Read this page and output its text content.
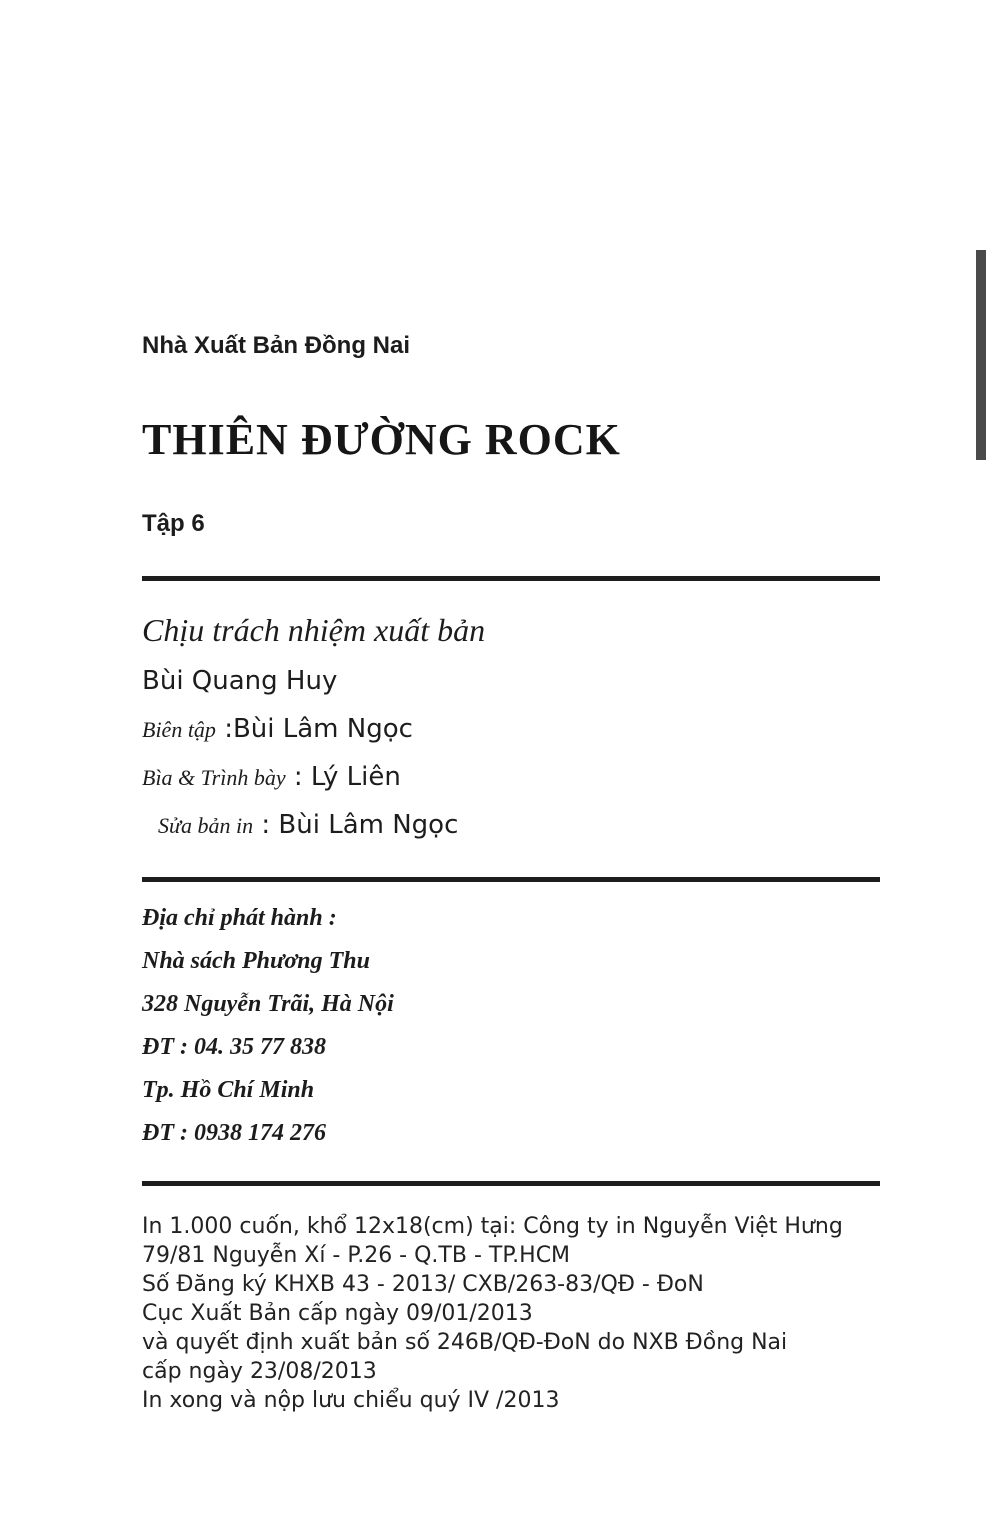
Nhà Xuất Bản Đồng Nai
THIÊN ĐƯỜNG ROCK
Tập 6
Chịu trách nhiệm xuất bản
Bùi Quang Huy
Biên tập :Bùi Lâm Ngọc
Bìa & Trình bày : Lý Liên
Sửa bản in : Bùi Lâm Ngọc
Địa chỉ phát hành :
Nhà sách Phương Thu
328 Nguyễn Trãi, Hà Nội
ĐT : 04. 35 77 838
Tp. Hồ Chí Minh
ĐT : 0938 174 276
In 1.000 cuốn, khổ 12x18(cm) tại: Công ty in Nguyễn Việt Hưng
79/81 Nguyễn Xí - P.26 - Q.TB - TP.HCM
Số Đăng ký KHXB 43 - 2013/ CXB/263-83/QĐ - ĐoN
Cục Xuất Bản cấp ngày 09/01/2013
và quyết định xuất bản số 246B/QĐ-ĐoN do NXB Đồng Nai
cấp ngày 23/08/2013
In xong và nộp lưu chiểu quý IV /2013
